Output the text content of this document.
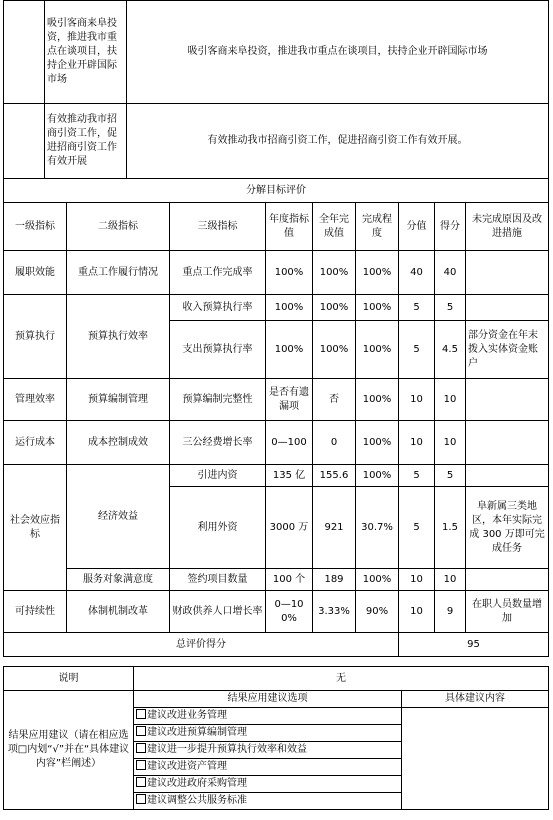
	吸引客商来阜投资，推进我市重点在谈项目，扶持企业开辟国际市场	吸引客商来阜投资，推进我市重点在谈项目，扶持企业开辟国际市场
	有效推动我市招商引资工作，促进招商引资工作有效开展	有效推动我市招商引资工作，促进招商引资工作有效开展。
分解目标评价								
一级指标	二级指标	三级指标	年度指标值	全年完成值	完成程度	分值	得分	未完成原因及改进措施
履职效能	重点工作履行情况	重点工作完成率	100%	100%	100%	40	40	
预算执行	预算执行效率	收入预算执行率	100%	100%	100%	5	5	
		支出预算执行率	100%	100%	100%	5	4.5	部分资金在年末拨入实体资金账户
管理效率	预算编制管理	预算编制完整性	是否有遗漏项	否	100%	10	10	
运行成本	成本控制成效	三公经费增长率	0—100	0	100%	10	10	
社会效应指标	经济效益	引进内资	135 亿	155.6	100%	5	5	
		利用外资	3000 万	921	30.7%	5	1.5	阜新属三类地区，本年实际完成 300 万即可完成任务
	服务对象满意度	签约项目数量	100 个	189	100%	10	10	
可持续性	体制机制改革	财政供养人口增长率	0—100%	3.33%	90%	10	9	在职人员数量增加
总评价得分						95		
说明	无	
结果应用建议（请在相应选项□内划“√”并在“具体建议内容”栏阐述）	结果应用建议选项	具体建议内容
	建议改进业务管理	
	建议改进预算编制管理	
	建议进一步提升预算执行效率和效益	
	建议改进资产管理	
	建议改进政府采购管理	
	建议调整公共服务标准	
